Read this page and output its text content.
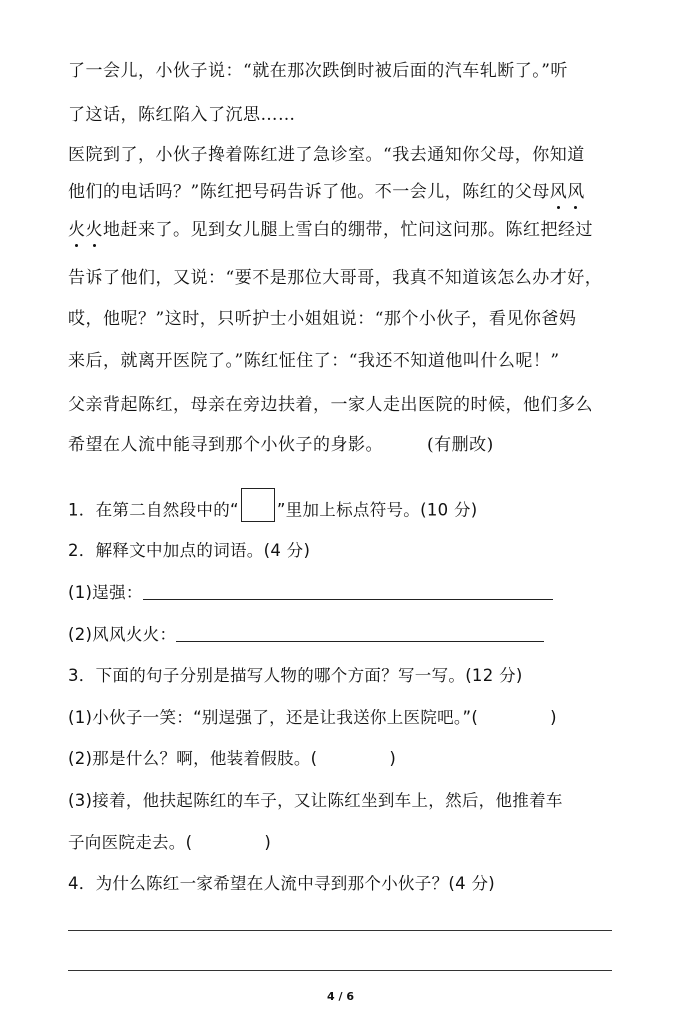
了一会儿，小伙子说：“就在那次跌倒时被后面的汽车轧断了。”听
了这话，陈红陷入了沉思……
医院到了，小伙子搀着陈红进了急诊室。“我去通知你父母，你知道
他们的电话吗？”陈红把号码告诉了他。不一会儿，陈红的父母风风
火火地赶来了。见到女儿腿上雪白的绷带，忙问这问那。陈红把经过
告诉了他们，又说：“要不是那位大哥哥，我真不知道该怎么办才好，
哎，他呢？”这时，只听护士小姐姐说：“那个小伙子，看见你爸妈
来后，就离开医院了。”陈红怔住了：“我还不知道他叫什么呢！”
父亲背起陈红，母亲在旁边扶着，一家人走出医院的时候，他们多么
希望在人流中能寻到那个小伙子的身影。	(有删改)
1．在第二自然段中的“ ”里加上标点符号。(10 分)
2．解释文中加点的词语。(4 分)
(1)逞强：
(2)风风火火：
3．下面的句子分别是描写人物的哪个方面？写一写。(12 分)
(1)小伙子一笑：“别逞强了，还是让我送你上医院吧。”(	)
(2)那是什么？啊，他装着假肢。(	)
(3)接着，他扶起陈红的车子，又让陈红坐到车上，然后，他推着车
子向医院走去。(	)
4．为什么陈红一家希望在人流中寻到那个小伙子？(4 分)
4 / 6
